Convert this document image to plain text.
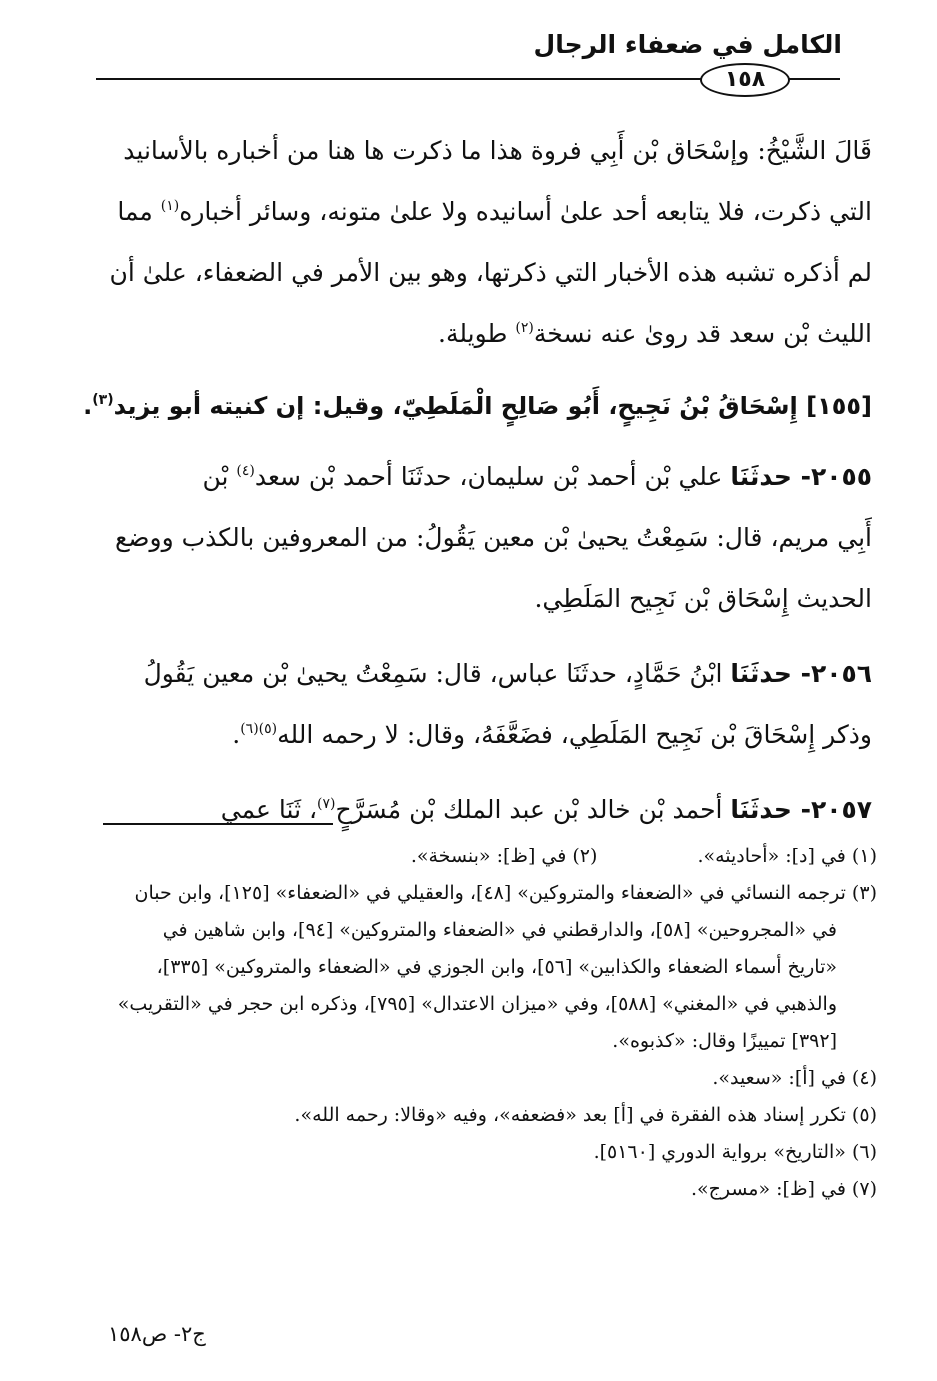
الكامل في ضعفاء الرجال
١٥٨
قَالَ الشَّيْخُ: وإسْحَاق بْن أَبِي فروة هذا ما ذكرت ها هنا من أخباره بالأسانيد
التي ذكرت، فلا يتابعه أحد علىٰ أسانيده ولا علىٰ متونه، وسائر أخباره$^{(١)}$ مما
لم أذكره تشبه هذه الأخبار التي ذكرتها، وهو بين الأمر في الضعفاء، علىٰ أن
الليث بْن سعد قد روىٰ عنه نسخة$^{(٢)}$ طويلة.
[١٥٥] إِسْحَاقُ بْنُ نَجِيحٍ، أَبُو صَالِحٍ الْمَلَطِيّ، وقيل: إن كنيته أبو يزيد$^{(٣)}$.
٢٠٥٥- حدثَنَا علي بْن أحمد بْن سليمان، حدثَنَا أحمد بْن سعد$^{(٤)}$ بْن
أَبِي مريم، قال: سَمِعْتُ يحيىٰ بْن معين يَقُولُ: من المعروفين بالكذب ووضع
الحديث إِسْحَاق بْن نَجِيح المَلَطِي.
٢٠٥٦- حدثَنَا ابْنُ حَمَّادٍ، حدثَنَا عباس، قال: سَمِعْتُ يحيىٰ بْن معين يَقُولُ
وذكر إِسْحَاقَ بْن نَجِيح المَلَطِي، فضَعَّفَهُ، وقال: لا رحمه الله$^{(٥)(٦)}$.
٢٠٥٧- حدثَنَا أحمد بْن خالد بْن عبد الملك بْن مُسَرَّحٍ$^{(٧)}$، ثَنَا عمي
(١) في [د]: «أحاديثه».
(٢) في [ظ]: «بنسخة».
(٣) ترجمه النسائي في «الضعفاء والمتروكين» [٤٨]، والعقيلي في «الضعفاء» [١٢٥]، وابن حبان
في «المجروحين» [٥٨]، والدارقطني في «الضعفاء والمتروكين» [٩٤]، وابن شاهين في
«تاريخ أسماء الضعفاء والكذابين» [٥٦]، وابن الجوزي في «الضعفاء والمتروكين» [٣٣٥]،
والذهبي في «المغني» [٥٨٨]، وفي «ميزان الاعتدال» [٧٩٥]، وذكره ابن حجر في «التقريب»
[٣٩٢] تمييزًا وقال: «كذبوه».
(٤) في [أ]: «سعيد».
(٥) تكرر إسناد هذه الفقرة في [أ] بعد «فضعفه»، وفيه «وقالا: رحمه الله».
(٦) «التاريخ» برواية الدوري [٥١٦٠].
(٧) في [ظ]: «مسرج».
ج٢- ص١٥٨
